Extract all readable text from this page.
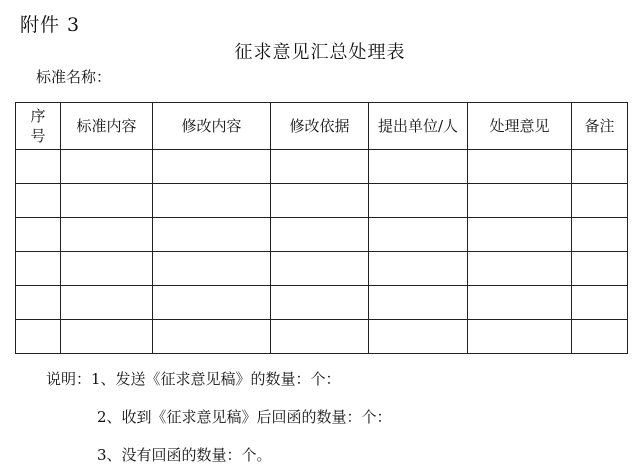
附件 3
征求意见汇总处理表
标准名称：
序号	标准内容	修改内容	修改依据	提出单位/人	处理意见	备注

说明：1、发送《征求意见稿》的数量：个：
2、收到《征求意见稿》后回函的数量：个：
3、没有回函的数量：个。
